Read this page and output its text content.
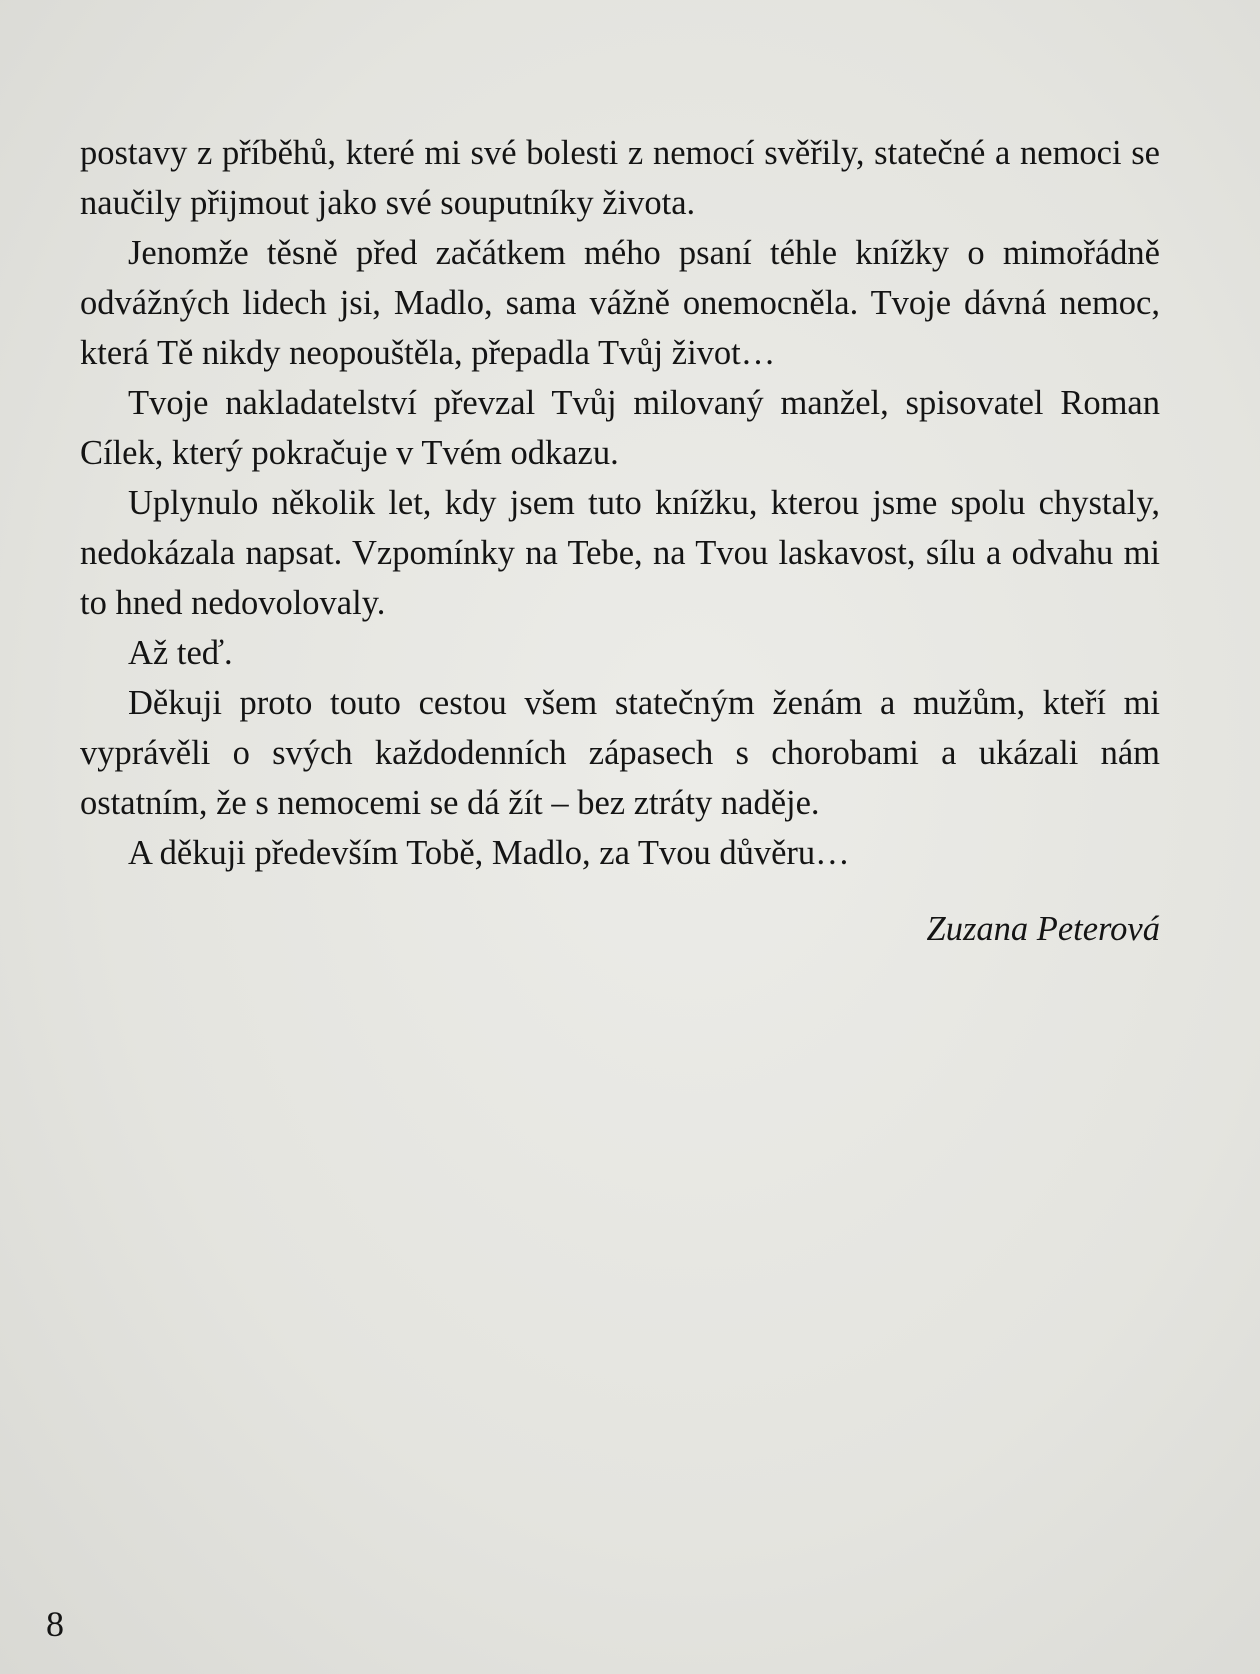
postavy z příběhů, které mi své bolesti z nemocí svěřily, statečné a nemoci se naučily přijmout jako své souputníky života.

Jenomže těsně před začátkem mého psaní téhle knížky o mimořádně odvážných lidech jsi, Madlo, sama vážně onemocněla. Tvoje dávná nemoc, která Tě nikdy neopouštěla, přepadla Tvůj život…

Tvoje nakladatelství převzal Tvůj milovaný manžel, spisovatel Roman Cílek, který pokračuje v Tvém odkazu.

Uplynulo několik let, kdy jsem tuto knížku, kterou jsme spolu chystaly, nedokázala napsat. Vzpomínky na Tebe, na Tvou laskavost, sílu a odvahu mi to hned nedovolovaly.

Až teď.

Děkuji proto touto cestou všem statečným ženám a mužům, kteří mi vyprávěli o svých každodenních zápasech s chorobami a ukázali nám ostatním, že s nemocemi se dá žít – bez ztráty naděje.

A děkuji především Tobě, Madlo, za Tvou důvěru…

Zuzana Peterová

8
